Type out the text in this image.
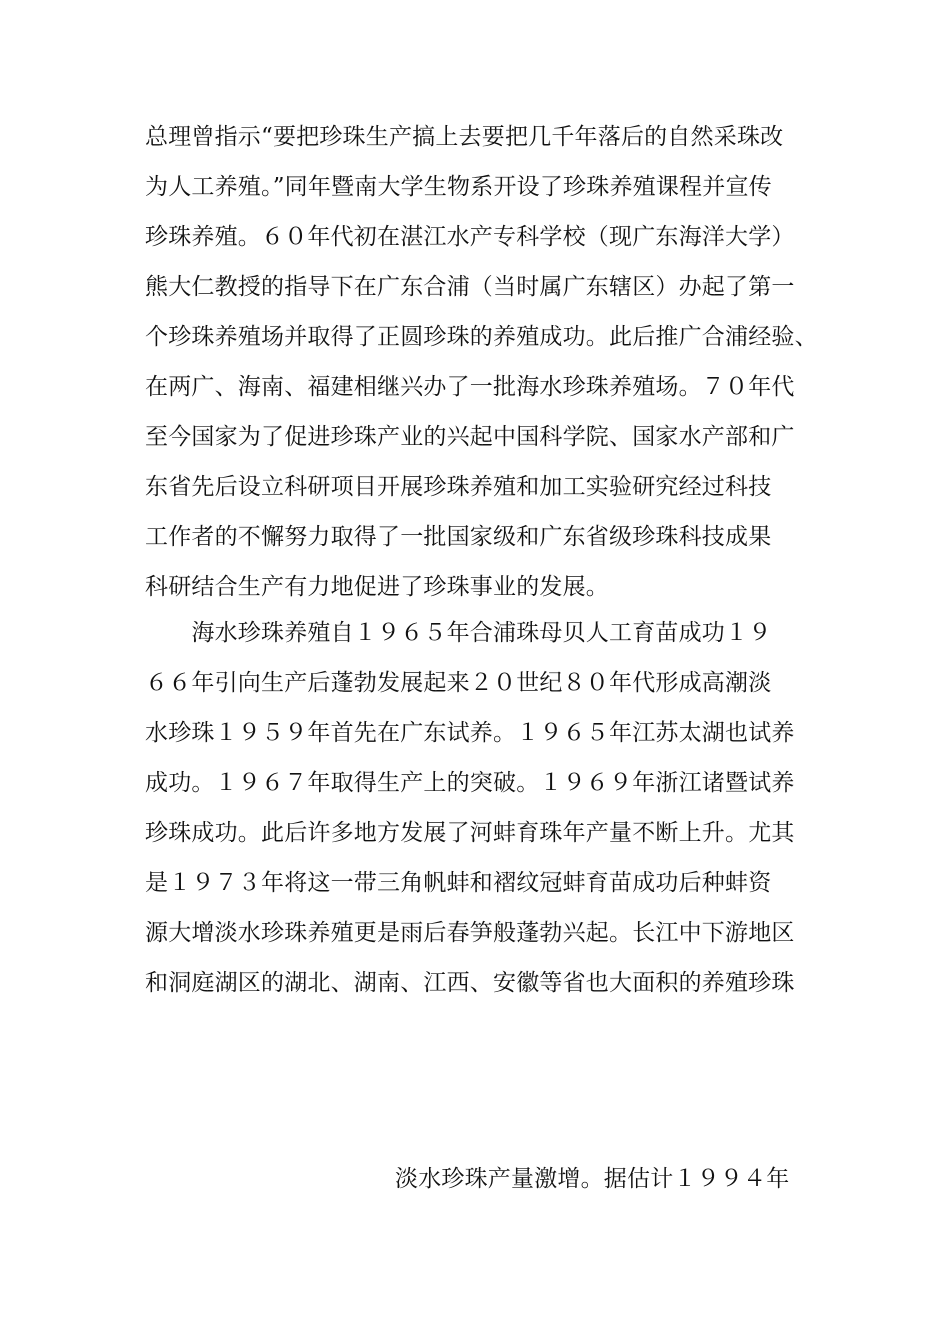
总理曾指示“要把珍珠生产搞上去要把几千年落后的自然采珠改
为人工养殖。”同年暨南大学生物系开设了珍珠养殖课程并宣传
珍珠养殖。６０年代初在湛江水产专科学校（现广东海洋大学）
熊大仁教授的指导下在广东合浦（当时属广东辖区）办起了第一
个珍珠养殖场并取得了正圆珍珠的养殖成功。此后推广合浦经验、
在两广、海南、福建相继兴办了一批海水珍珠养殖场。７０年代
至今国家为了促进珍珠产业的兴起中国科学院、国家水产部和广
东省先后设立科研项目开展珍珠养殖和加工实验研究经过科技
工作者的不懈努力取得了一批国家级和广东省级珍珠科技成果
科研结合生产有力地促进了珍珠事业的发展。
　　海水珍珠养殖自１９６５年合浦珠母贝人工育苗成功１９
６６年引向生产后蓬勃发展起来２０世纪８０年代形成高潮淡
水珍珠１９５９年首先在广东试养。１９６５年江苏太湖也试养
成功。１９６７年取得生产上的突破。１９６９年浙江诸暨试养
珍珠成功。此后许多地方发展了河蚌育珠年产量不断上升。尤其
是１９７３年将这一带三角帆蚌和褶纹冠蚌育苗成功后种蚌资
源大增淡水珍珠养殖更是雨后春笋般蓬勃兴起。长江中下游地区
和洞庭湖区的湖北、湖南、江西、安徽等省也大面积的养殖珍珠
淡水珍珠产量激增。据估计１９９４年
